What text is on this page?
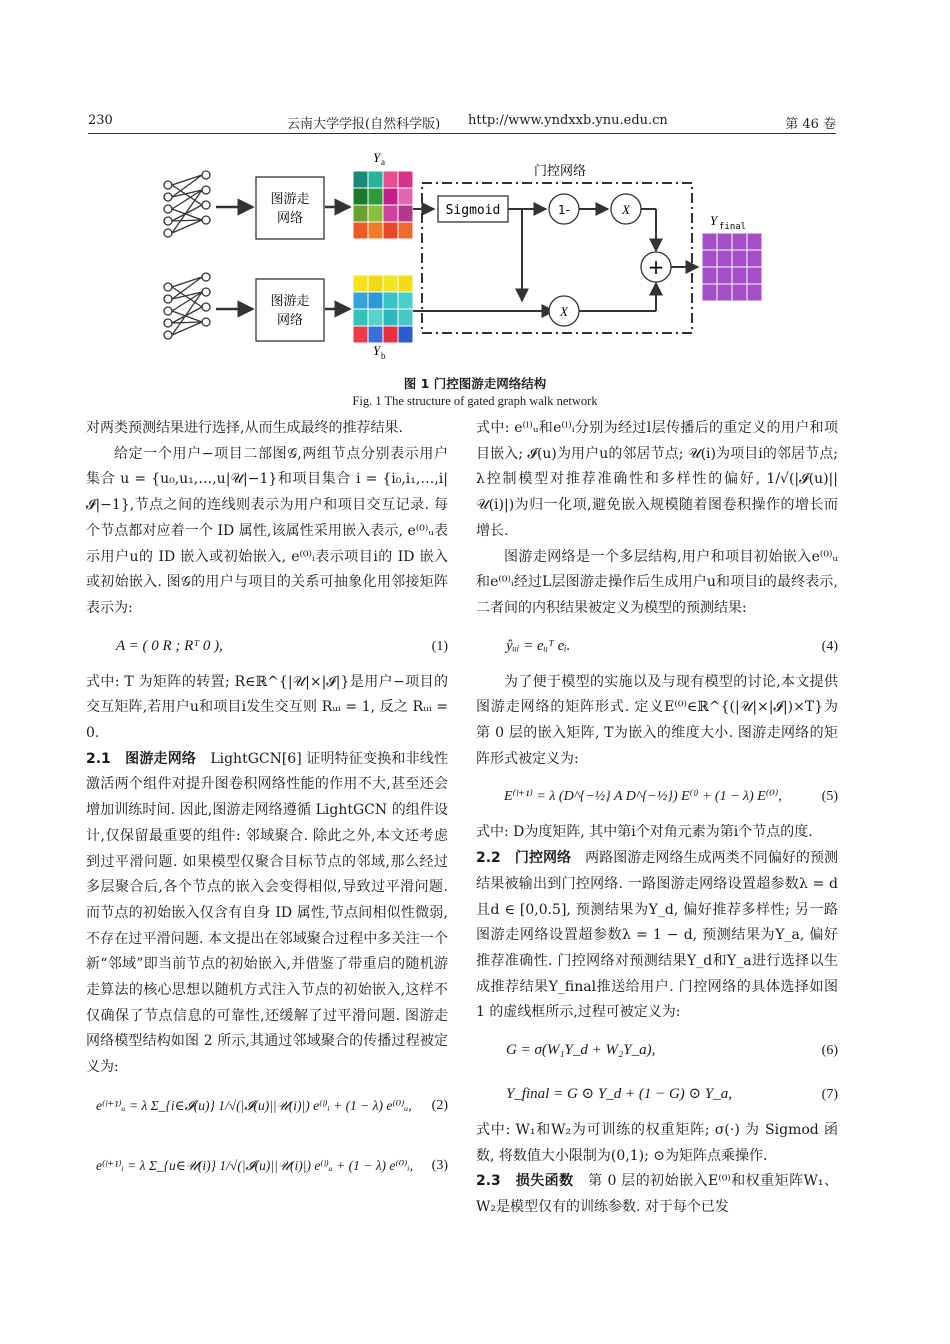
230	云南大学学报(自然科学版) http://www.yndxxb.ynu.edu.cn	第 46 卷
图游走
网络
图游走
网络
Y a
Y b
门控网络
Sigmoid	1-	X
X
+
Y final
图 1 门控图游走网络结构
Fig. 1 The structure of gated graph walk network

对两类预测结果进行选择,从而生成最终的推荐结果.

给定一个用户−项目二部图𝒢,两组节点分别表示用户集合 u = {u₀,u₁,…,u|𝒰|−1}和项目集合 i = {i₀,i₁,…,i|𝓘|−1},节点之间的连线则表示为用户和项目交互记录. 每个节点都对应着一个 ID 属性,该属性采用嵌入表示, e⁽⁰⁾ᵤ表示用户u的 ID 嵌入或初始嵌入, e⁽⁰⁾ᵢ表示项目i的 ID 嵌入或初始嵌入. 图𝒢的用户与项目的关系可抽象化用邻接矩阵表示为:

A = ( 0 R ; Rᵀ 0 ),	(1)

式中: T 为矩阵的转置; R∈ℝ^{|𝒰|×|𝓘|}是用户−项目的交互矩阵,若用户u和项目i发生交互则 Rᵤᵢ = 1, 反之 Rᵤᵢ = 0.

2.1　图游走网络　 LightGCN[6] 证明特征变换和非线性激活两个组件对提升图卷积网络性能的作用不大,甚至还会增加训练时间. 因此,图游走网络遵循 LightGCN 的组件设计,仅保留最重要的组件: 邻域聚合. 除此之外,本文还考虑到过平滑问题. 如果模型仅聚合目标节点的邻域,那么经过多层聚合后,各个节点的嵌入会变得相似,导致过平滑问题. 而节点的初始嵌入仅含有自身 ID 属性,节点间相似性微弱,不存在过平滑问题. 本文提出在邻域聚合过程中多关注一个新“邻域”即当前节点的初始嵌入,并借鉴了带重启的随机游走算法的核心思想以随机方式注入节点的初始嵌入,这样不仅确保了节点信息的可靠性,还缓解了过平滑问题. 图游走网络模型结构如图 2 所示,其通过邻域聚合的传播过程被定义为:

e⁽ˡ⁺¹⁾ᵤ = λ Σ_{i∈𝓘(u)} 1/√(|𝓘(u)||𝒰(i)|) e⁽ˡ⁾ᵢ + (1 − λ) e⁽⁰⁾ᵤ, (2)
e⁽ˡ⁺¹⁾ᵢ = λ Σ_{u∈𝒰(i)} 1/√(|𝓘(u)||𝒰(i)|) e⁽ˡ⁾ᵤ + (1 − λ) e⁽⁰⁾ᵢ, (3)

式中: e⁽ˡ⁾ᵤ和e⁽ˡ⁾ᵢ分别为经过l层传播后的重定义的用户和项目嵌入; 𝓘(u)为用户u的邻居节点; 𝒰(i)为项目i的邻居节点; λ控制模型对推荐准确性和多样性的偏好, 1/√(|𝓘(u)||𝒰(i)|)为归一化项,避免嵌入规模随着图卷积操作的增长而增长.

图游走网络是一个多层结构,用户和项目初始嵌入e⁽⁰⁾ᵤ和e⁽⁰⁾ᵢ经过L层图游走操作后生成用户u和项目i的最终表示,二者间的内积结果被定义为模型的预测结果:

ŷᵤᵢ = eᵤᵀ eᵢ.	(4)

为了便于模型的实施以及与现有模型的讨论,本文提供图游走网络的矩阵形式. 定义E⁽⁰⁾∈ℝ^{(|𝒰|×|𝓘|)×T}为第 0 层的嵌入矩阵, T为嵌入的维度大小. 图游走网络的矩阵形式被定义为:

E⁽ˡ⁺¹⁾ = λ (D^{−½} A D^{−½}) E⁽ˡ⁾ + (1 − λ) E⁽⁰⁾,	(5)

式中: D为度矩阵, 其中第i个对角元素为第i个节点的度.

2.2　门控网络　 两路图游走网络生成两类不同偏好的预测结果被输出到门控网络. 一路图游走网络设置超参数λ = d且d ∈ [0,0.5], 预测结果为Y_d, 偏好推荐多样性; 另一路图游走网络设置超参数λ = 1 − d, 预测结果为Y_a, 偏好推荐准确性. 门控网络对预测结果Y_d和Y_a进行选择以生成推荐结果Y_final推送给用户. 门控网络的具体选择如图 1 的虚线框所示,过程可被定义为:

G = σ(W₁Y_d + W₂Y_a),	(6)
Y_final = G ⊙ Y_d + (1 − G) ⊙ Y_a,	(7)

式中: W₁和W₂为可训练的权重矩阵; σ(·) 为 Sigmod 函数, 将数值大小限制为(0,1); ⊙为矩阵点乘操作.

2.3　损失函数　 第 0 层的初始嵌入E⁽⁰⁾和权重矩阵W₁、W₂是模型仅有的训练参数. 对于每个已发
